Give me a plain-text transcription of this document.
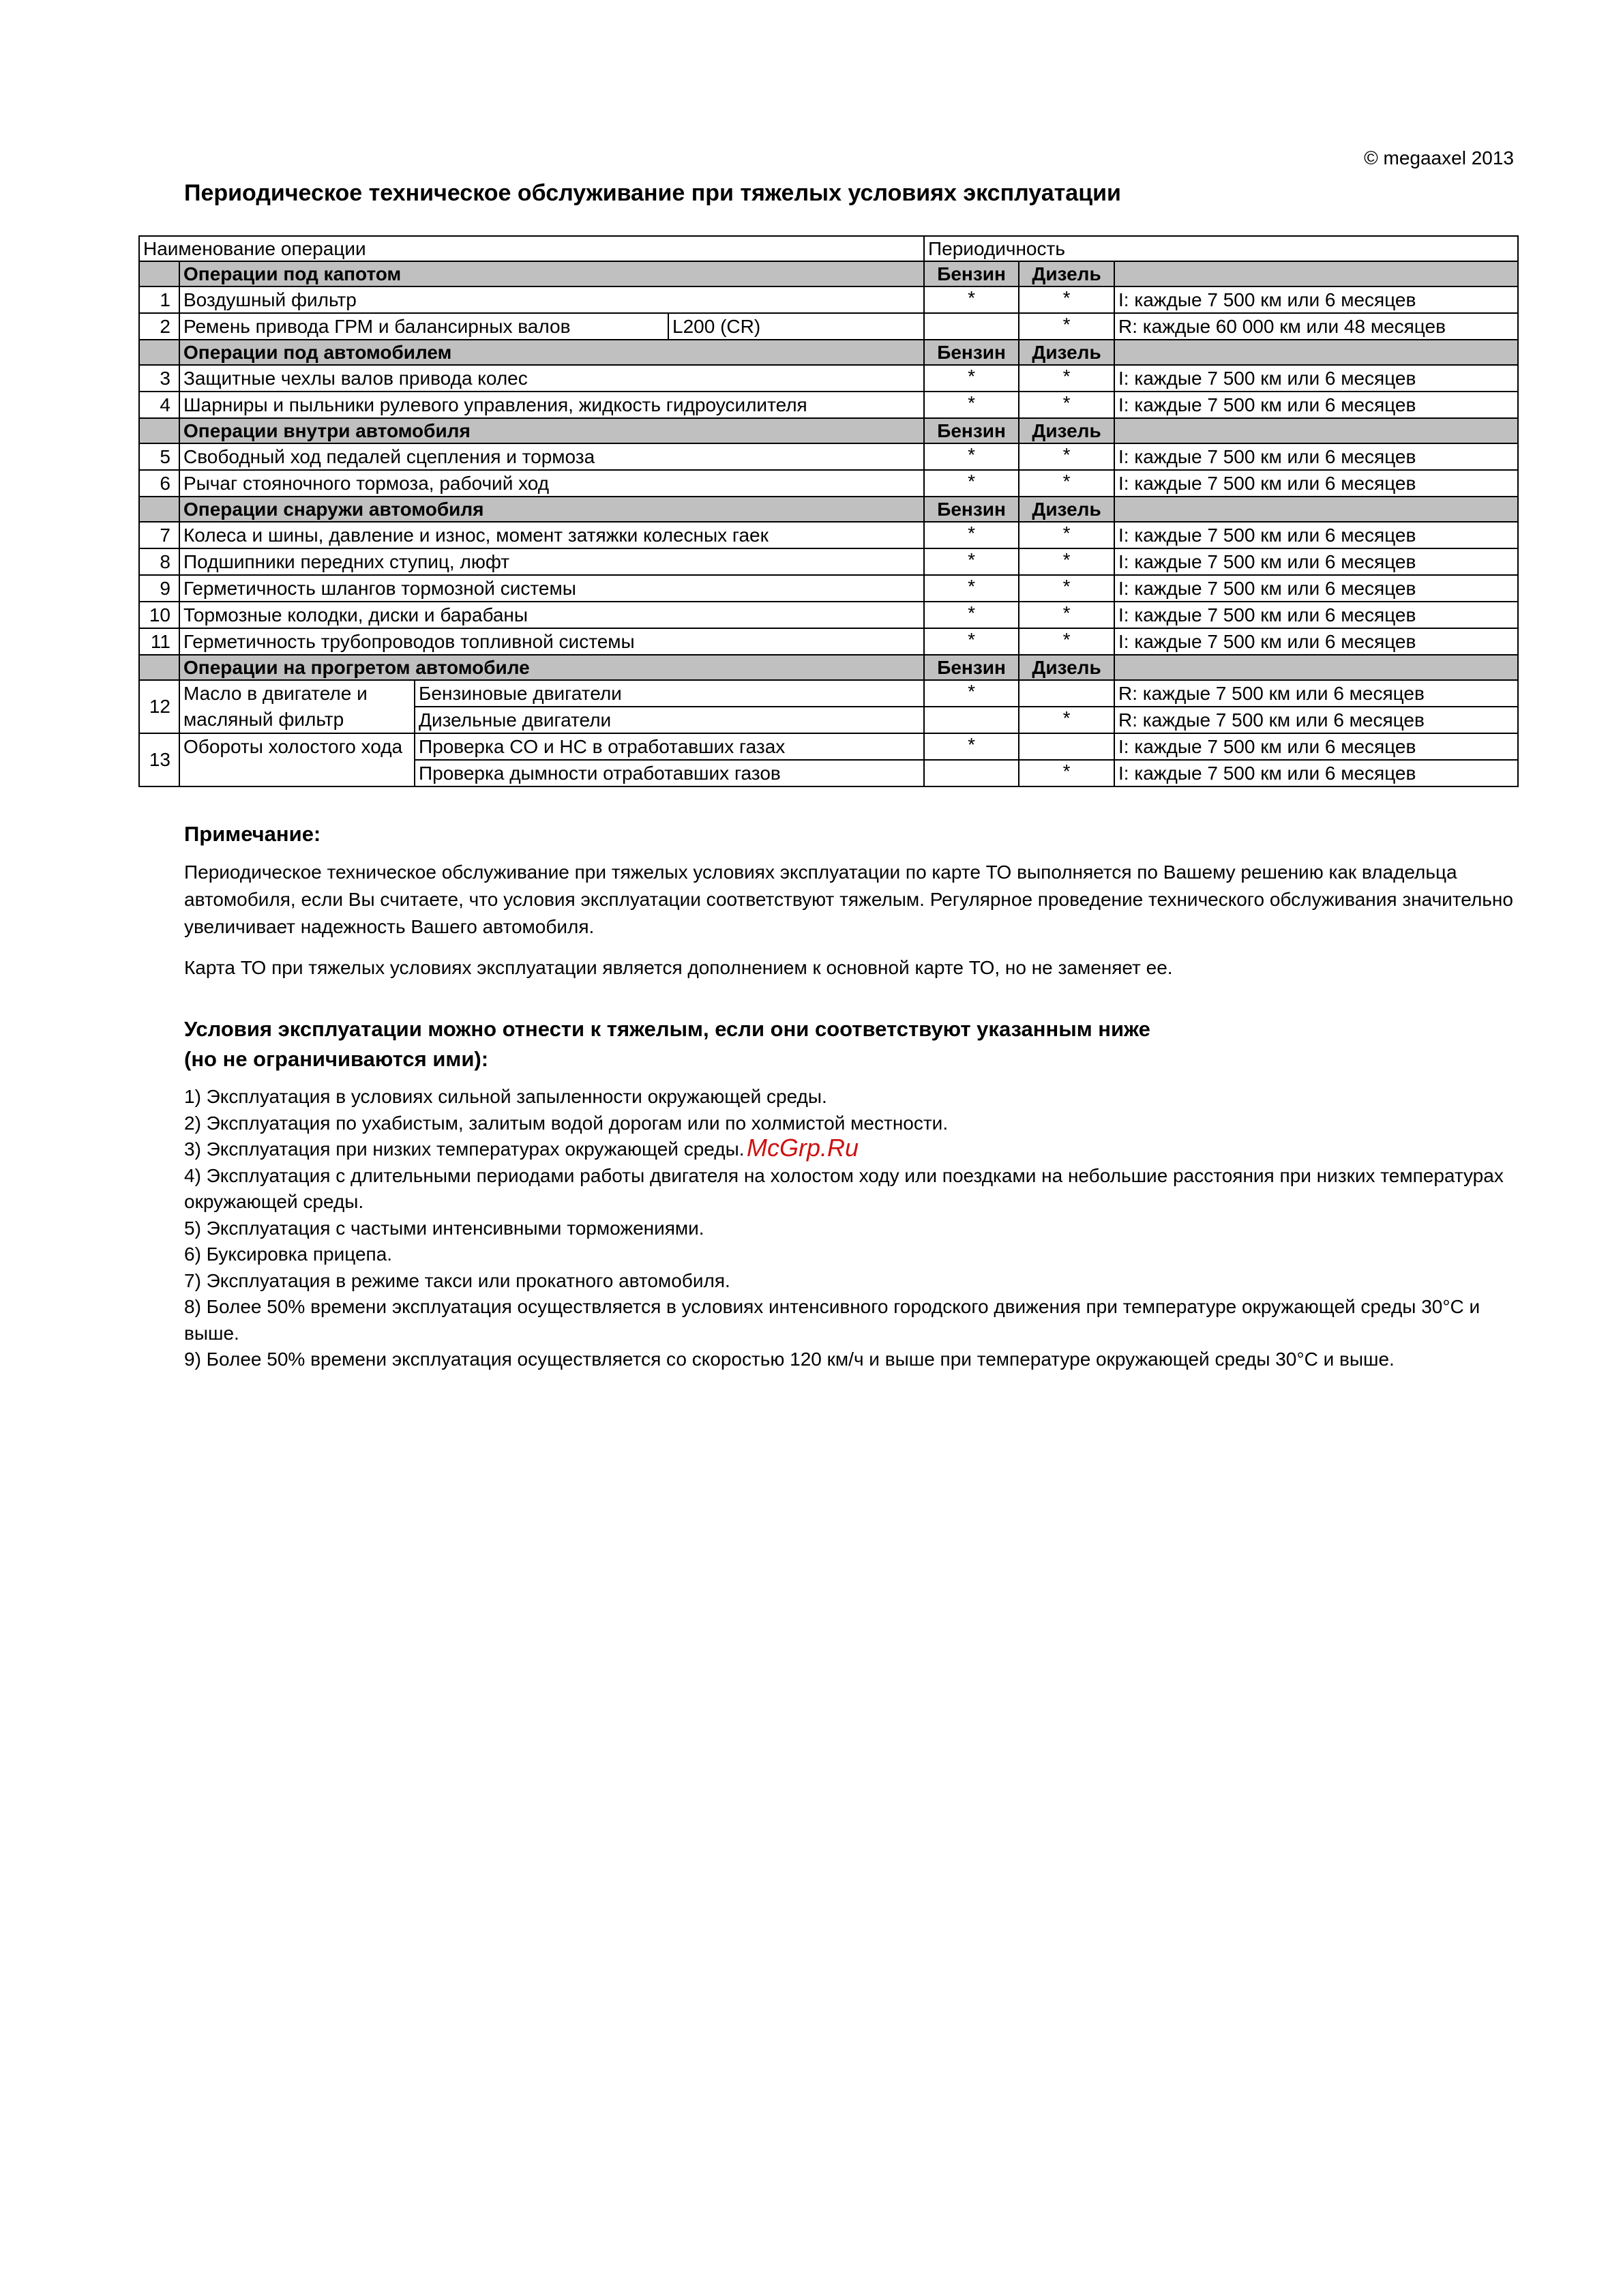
© megaaxel 2013
Периодическое техническое обслуживание при тяжелых условиях эксплуатации
Наименование операции				Периодичность		
	Операции под капотом			Бензин	Дизель	
1	Воздушный фильтр			*	*	I: каждые 7 500 км или 6 месяцев
2	Ремень привода ГРМ и балансирных валов		L200 (CR)		*	R: каждые 60 000 км или 48 месяцев
	Операции под автомобилем			Бензин	Дизель	
3	Защитные чехлы валов привода колес			*	*	I: каждые 7 500 км или 6 месяцев
4	Шарниры и пыльники рулевого управления, жидкость гидроусилителя			*	*	I: каждые 7 500 км или 6 месяцев
	Операции внутри автомобиля			Бензин	Дизель	
5	Свободный ход педалей сцепления и тормоза			*	*	I: каждые 7 500 км или 6 месяцев
6	Рычаг стояночного тормоза, рабочий ход			*	*	I: каждые 7 500 км или 6 месяцев
	Операции снаружи автомобиля			Бензин	Дизель	
7	Колеса и шины, давление и износ, момент затяжки колесных гаек			*	*	I: каждые 7 500 км или 6 месяцев
8	Подшипники передних ступиц, люфт			*	*	I: каждые 7 500 км или 6 месяцев
9	Герметичность шлангов тормозной системы			*	*	I: каждые 7 500 км или 6 месяцев
10	Тормозные колодки, диски и барабаны			*	*	I: каждые 7 500 км или 6 месяцев
11	Герметичность трубопроводов топливной системы			*	*	I: каждые 7 500 км или 6 месяцев
	Операции на прогретом автомобиле			Бензин	Дизель	
12	Масло в двигателе и масляный фильтр	Бензиновые двигатели		*		R: каждые 7 500 км или 6 месяцев
		Дизельные двигатели			*	R: каждые 7 500 км или 6 месяцев
13	Обороты холостого хода	Проверка CO и HC в отработавших газах		*		I: каждые 7 500 км или 6 месяцев
		Проверка дымности отработавших газов			*	I: каждые 7 500 км или 6 месяцев
McGrp.Ru
Примечание:

Периодическое техническое обслуживание при тяжелых условиях эксплуатации по карте ТО выполняется по Вашему решению как владельца автомобиля, если Вы считаете, что условия эксплуатации соответствуют тяжелым. Регулярное проведение технического обслуживания значительно увеличивает надежность Вашего автомобиля.

Карта ТО при тяжелых условиях эксплуатации является дополнением к основной карте ТО, но не заменяет ее.

Условия эксплуатации можно отнести к тяжелым, если они соответствуют указанным ниже
(но не ограничиваются ими):
1) Эксплуатация в условиях сильной запыленности окружающей среды.
2) Эксплуатация по ухабистым, залитым водой дорогам или по холмистой местности.
3) Эксплуатация при низких температурах окружающей среды.
4) Эксплуатация с длительными периодами работы двигателя на холостом ходу или поездками на небольшие расстояния при низких температурах окружающей среды.
5) Эксплуатация с частыми интенсивными торможениями.
6) Буксировка прицепа.
7) Эксплуатация в режиме такси или прокатного автомобиля.
8) Более 50% времени эксплуатация осуществляется в условиях интенсивного городского движения при температуре окружающей среды 30°С и выше.
9) Более 50% времени эксплуатация осуществляется со скоростью 120 км/ч и выше при температуре окружающей среды 30°С и выше.
